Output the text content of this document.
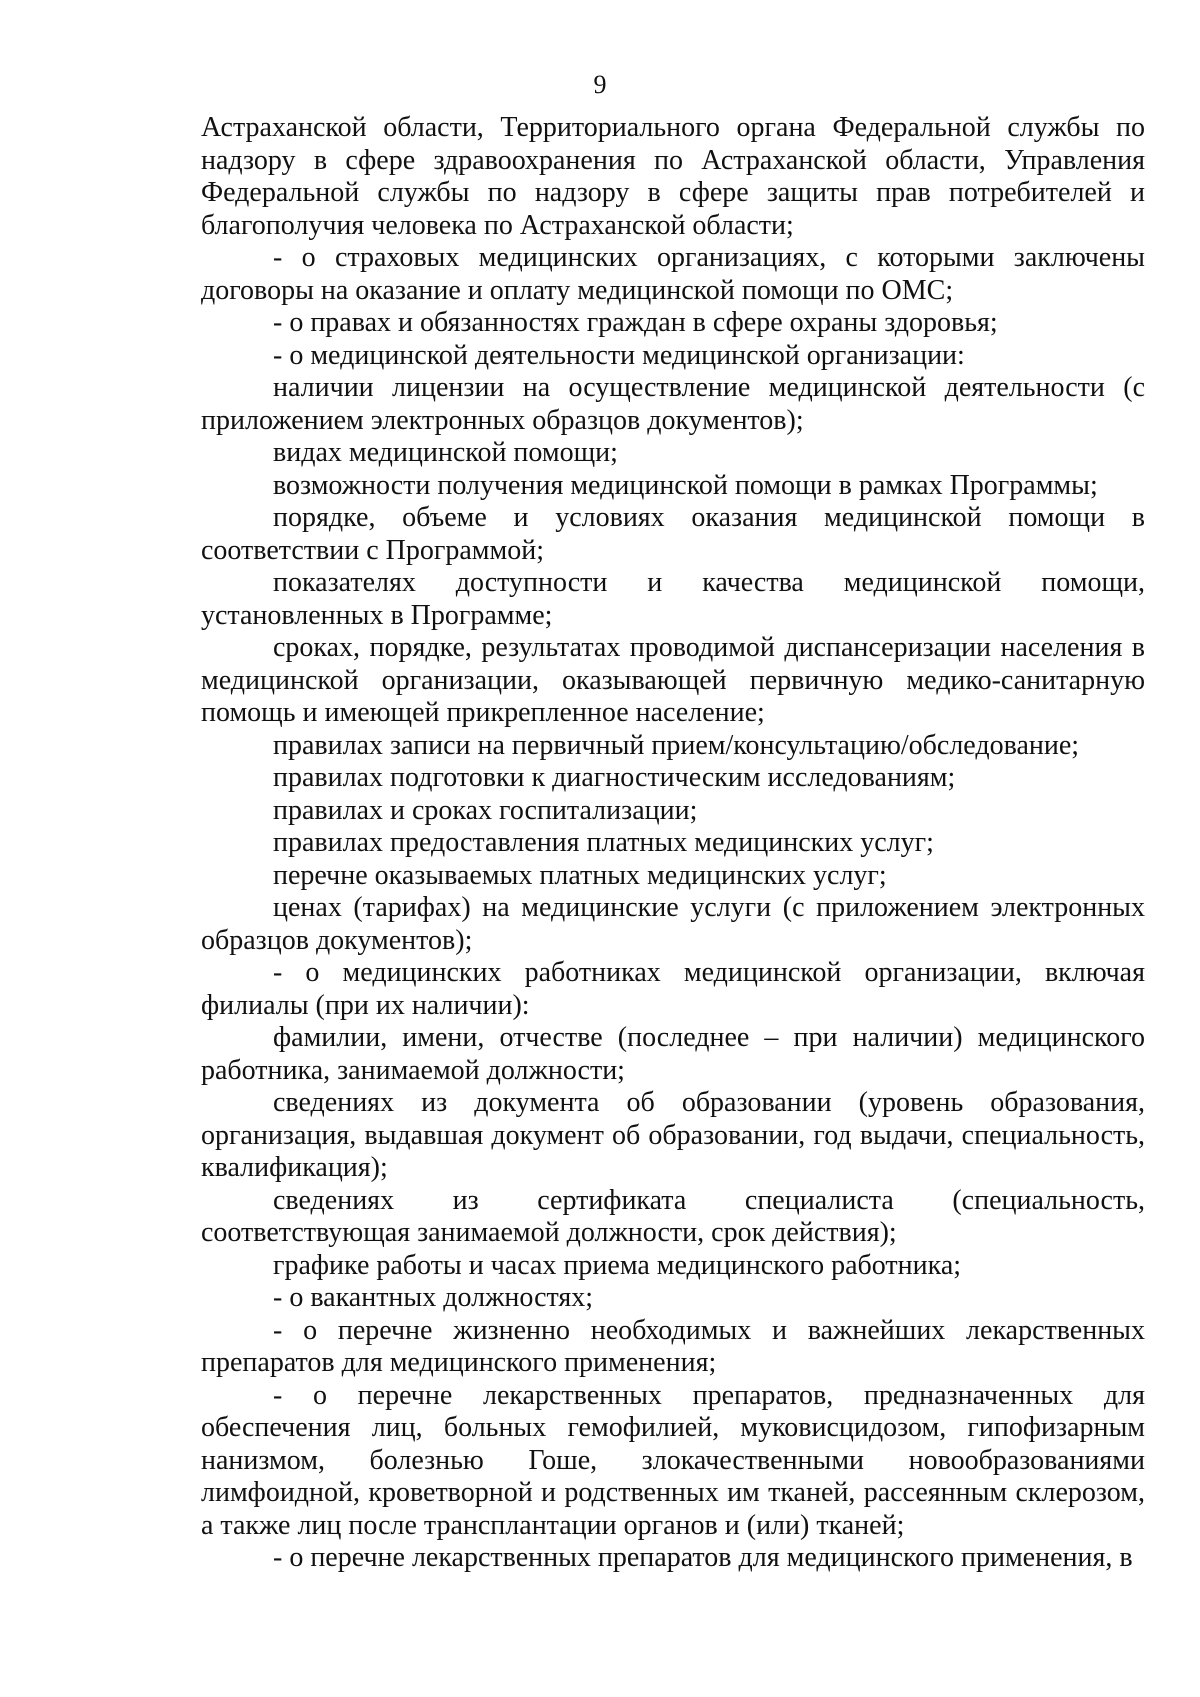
9

Астраханской области, Территориального органа Федеральной службы по надзору в сфере здравоохранения по Астраханской области, Управления Федеральной службы по надзору в сфере защиты прав потребителей и благополучия человека по Астраханской области;

- о страховых медицинских организациях, с которыми заключены договоры на оказание и оплату медицинской помощи по ОМС;

- о правах и обязанностях граждан в сфере охраны здоровья;

- о медицинской деятельности медицинской организации:

наличии лицензии на осуществление медицинской деятельности (с приложением электронных образцов документов);

видах медицинской помощи;

возможности получения медицинской помощи в рамках Программы;

порядке, объеме и условиях оказания медицинской помощи в соответствии с Программой;

показателях доступности и качества медицинской помощи, установленных в Программе;

сроках, порядке, результатах проводимой диспансеризации населения в медицинской организации, оказывающей первичную медико-санитарную помощь и имеющей прикрепленное население;

правилах записи на первичный прием/консультацию/обследование;

правилах подготовки к диагностическим исследованиям;

правилах и сроках госпитализации;

правилах предоставления платных медицинских услуг;

перечне оказываемых платных медицинских услуг;

ценах (тарифах) на медицинские услуги (с приложением электронных образцов документов);

- о медицинских работниках медицинской организации, включая филиалы (при их наличии):

фамилии, имени, отчестве (последнее – при наличии) медицинского работника, занимаемой должности;

сведениях из документа об образовании (уровень образования, организация, выдавшая документ об образовании, год выдачи, специальность, квалификация);

сведениях из сертификата специалиста (специальность, соответствующая занимаемой должности, срок действия);

графике работы и часах приема медицинского работника;

- о вакантных должностях;

- о перечне жизненно необходимых и важнейших лекарственных препаратов для медицинского применения;

- о перечне лекарственных препаратов, предназначенных для обеспечения лиц, больных гемофилией, муковисцидозом, гипофизарным нанизмом, болезнью Гоше, злокачественными новообразованиями лимфоидной, кроветворной и родственных им тканей, рассеянным склерозом, а также лиц после трансплантации органов и (или) тканей;

- о перечне лекарственных препаратов для медицинского применения, в
